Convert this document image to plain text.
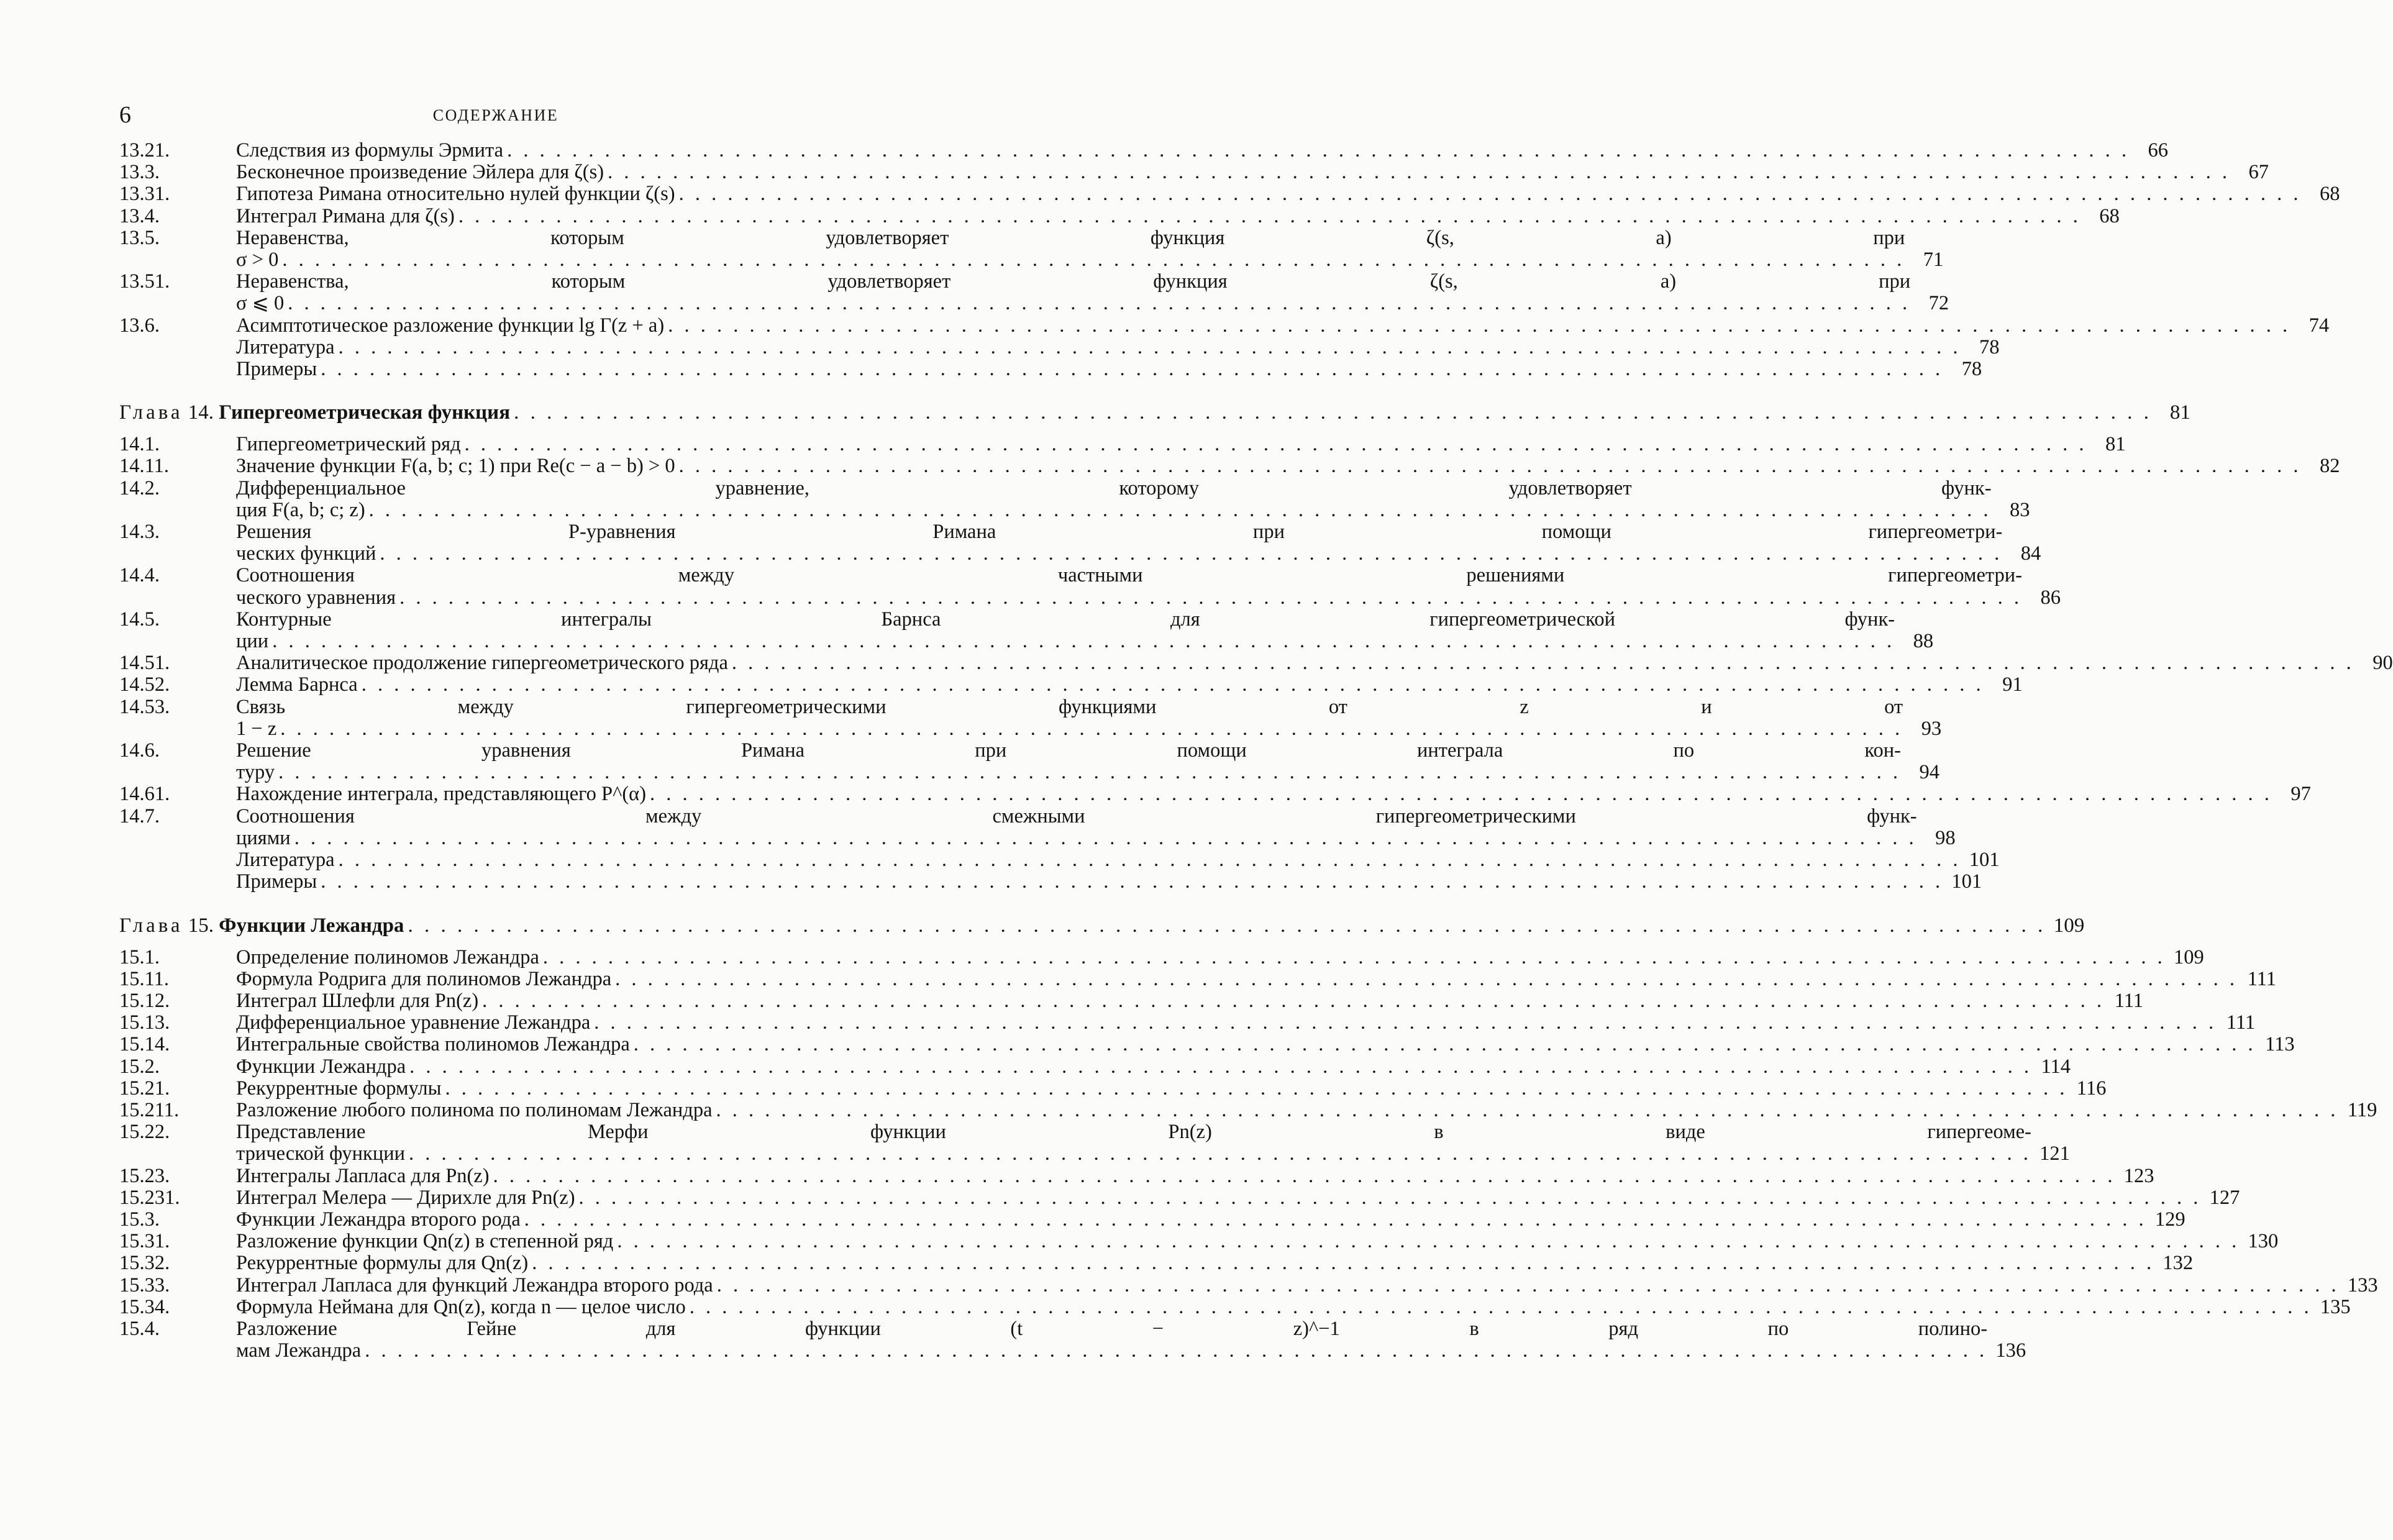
6	СОДЕРЖАНИЕ
13.21.	Следствия из формулы Эрмита . . .	66
13.3.	Бесконечное произведение Эйлера для ζ(s) . . .	67
13.31.	Гипотеза Римана относительно нулей функции ζ(s) . . .	68
13.4.	Интеграл Римана для ζ(s) . . .	68
13.5.	Неравенства, которым удовлетворяет функция ζ(s, a) при
σ > 0 . . .	71
13.51.	Неравенства, которым удовлетворяет функция ζ(s, a) при
σ ⩽ 0 . . .	72
13.6.	Асимптотическое разложение функции lg Γ(z + a) . . .	74
Литература . . .	78
Примеры . . .	78
Глава 14. Гипергеометрическая функция . . .	81
14.1.	Гипергеометрический ряд . . .	81
14.11.	Значение функции F(a, b; c; 1) при Re(c − a − b) > 0 . . .	82
14.2.	Дифференциальное уравнение, которому удовлетворяет функ-
ция F(a, b; c; z) . . .	83
14.3.	Решения P-уравнения Римана при помощи гипергеометри-
ческих функций . . .	84
14.4.	Соотношения между частными решениями гипергеометри-
ческого уравнения . . .	86
14.5.	Контурные интегралы Барнса для гипергеометрической функ-
ции . . .	88
14.51.	Аналитическое продолжение гипергеометрического ряда . . .	90
14.52.	Лемма Барнса . . .	91
14.53.	Связь между гипергеометрическими функциями от z и от
1 − z . . .	93
14.6.	Решение уравнения Римана при помощи интеграла по кон-
туру . . .	94
14.61.	Нахождение интеграла, представляющего P^(α) . . .	97
14.7.	Соотношения между смежными гипергеометрическими функ-
циями . . .	98
Литература . . .	101
Примеры . . .	101
Глава 15. Функции Лежандра . . .	109
15.1.	Определение полиномов Лежандра . . .	109
15.11.	Формула Родрига для полиномов Лежандра . . .	111
15.12.	Интеграл Шлефли для Pn(z) . . .	111
15.13.	Дифференциальное уравнение Лежандра . . .	111
15.14.	Интегральные свойства полиномов Лежандра . . .	113
15.2.	Функции Лежандра . . .	114
15.21.	Рекуррентные формулы . . .	116
15.211.	Разложение любого полинома по полиномам Лежандра . . .	119
15.22.	Представление Мерфи функции Pn(z) в виде гипергеоме-
трической функции . . .	121
15.23.	Интегралы Лапласа для Pn(z) . . .	123
15.231.	Интеграл Мелера — Дирихле для Pn(z) . . .	127
15.3.	Функции Лежандра второго рода . . .	129
15.31.	Разложение функции Qn(z) в степенной ряд . . .	130
15.32.	Рекуррентные формулы для Qn(z) . . .	132
15.33.	Интеграл Лапласа для функций Лежандра второго рода . . .	133
15.34.	Формула Неймана для Qn(z), когда n — целое число . . .	135
15.4.	Разложение Гейне для функции (t − z)^−1 в ряд по полино-
мам Лежандра . . .	136
